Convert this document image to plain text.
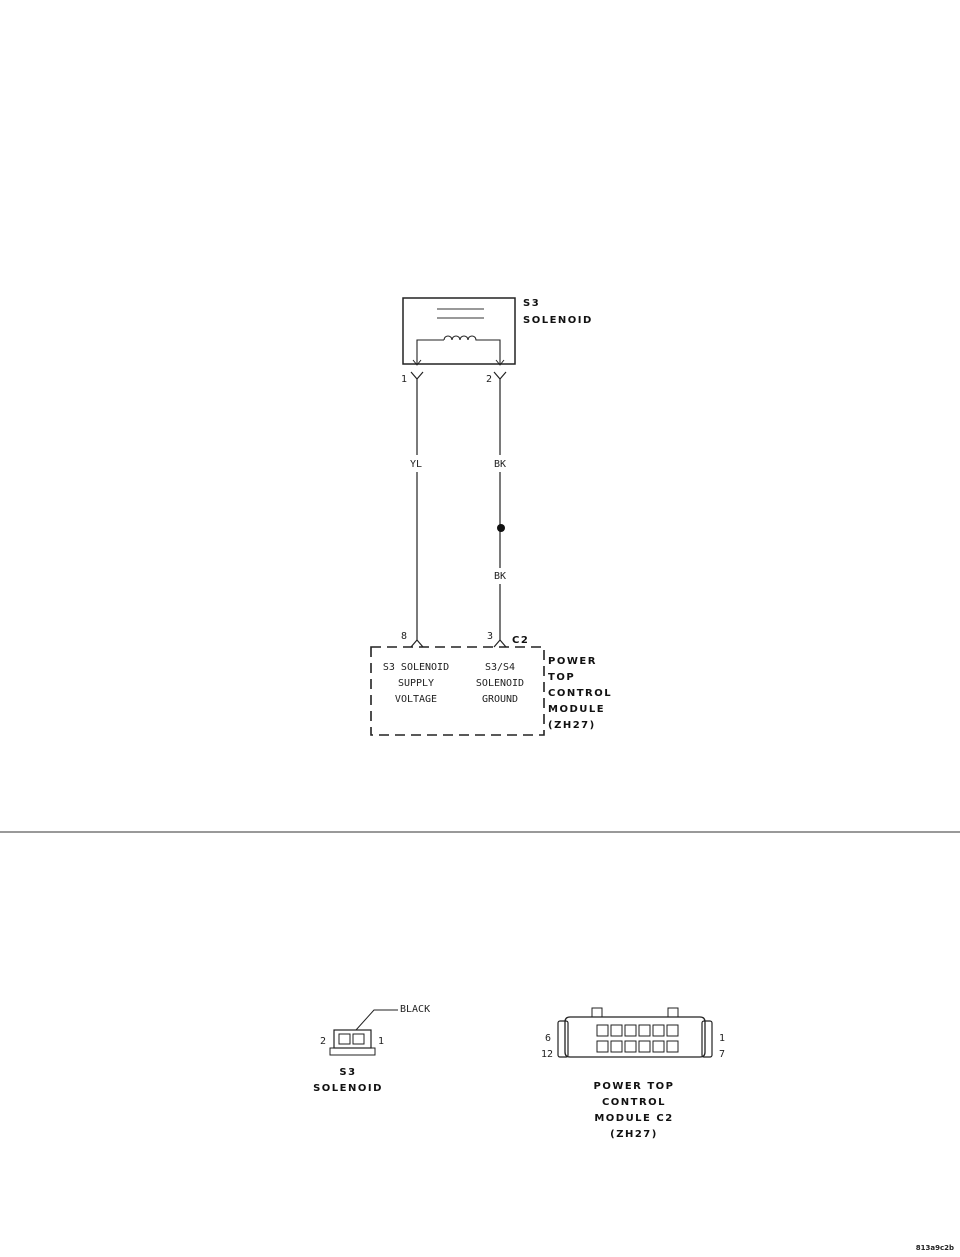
S3
SOLENOID
1	2
YL	BK
BK
8	3 C2
S3 SOLENOID
SUPPLY
VOLTAGE
S3/S4
SOLENOID
GROUND
POWER
TOP
CONTROL
MODULE
(ZH27)
BLACK
2	1
S3
SOLENOID
6
12
1
7
POWER TOP
CONTROL
MODULE C2
(ZH27)
813a9c2b
